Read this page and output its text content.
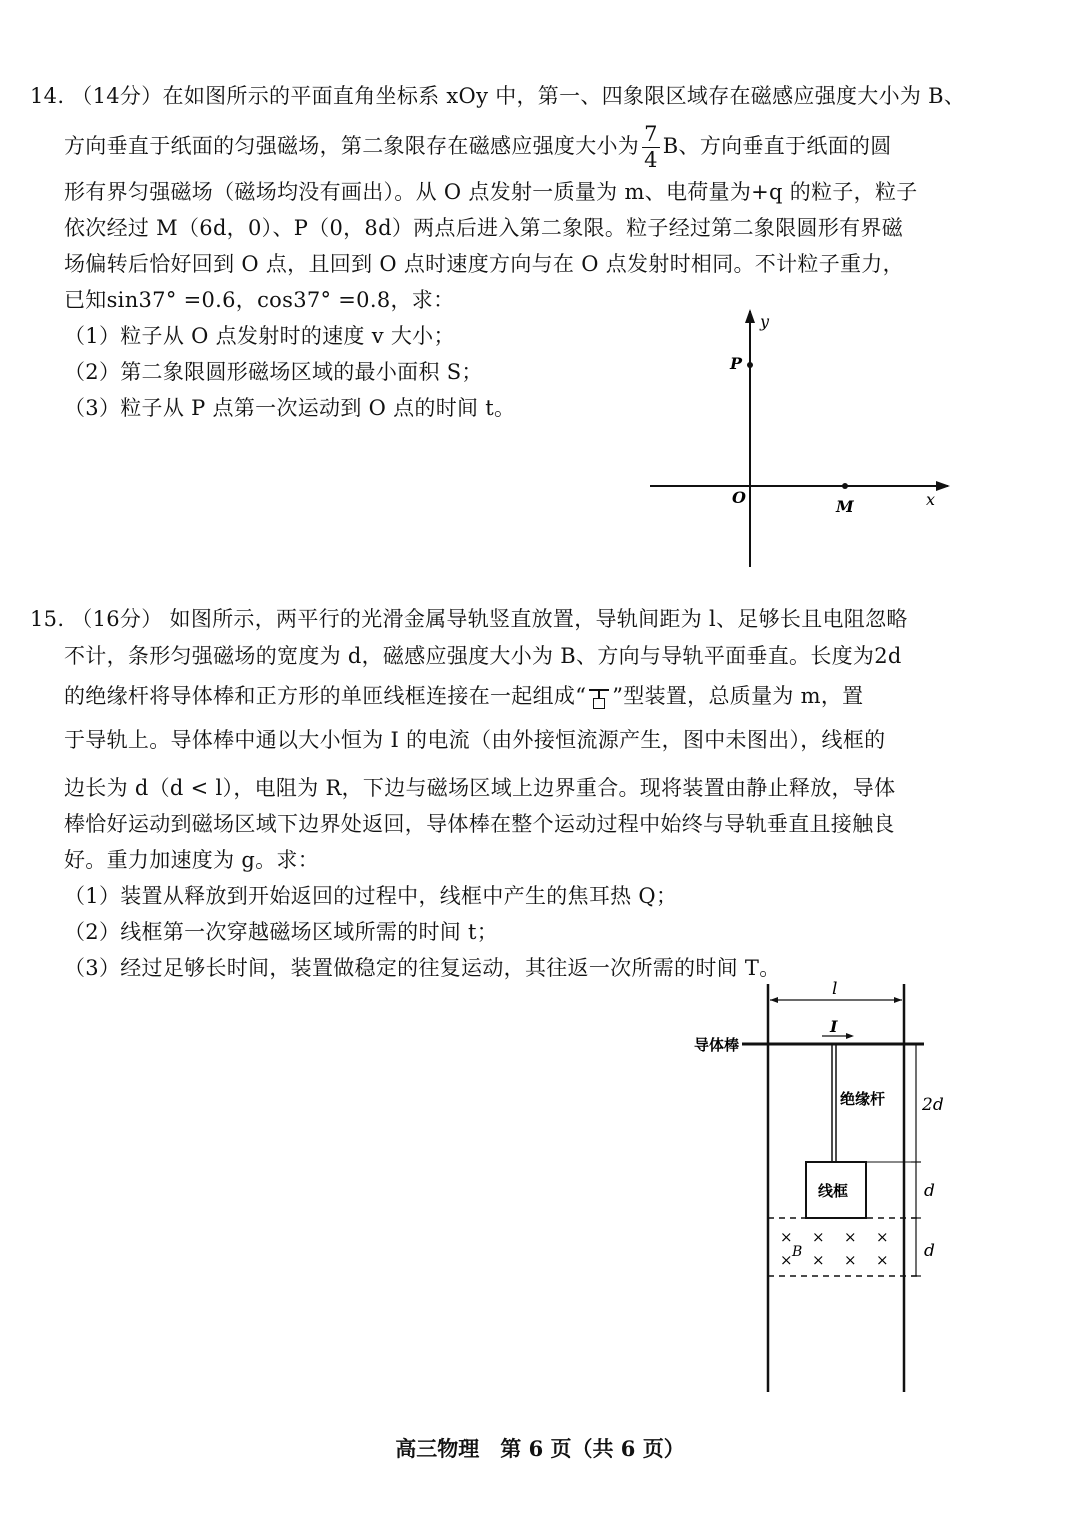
14. （14分）在如图所示的平面直角坐标系 xOy 中，第一、四象限区域存在磁感应强度大小为 B、
方向垂直于纸面的匀强磁场，第二象限存在磁感应强度大小为 $\frac{7}{4}$ B、方向垂直于纸面的圆
形有界匀强磁场（磁场均没有画出）。从 O 点发射一质量为 m、电荷量为+q 的粒子，粒子
依次经过 M（6d，0）、P（0，8d）两点后进入第二象限。粒子经过第二象限圆形有界磁
场偏转后恰好回到 O 点，且回到 O 点时速度方向与在 O 点发射时相同。不计粒子重力，
已知sin37° =0.6，cos37° =0.8，求：
（1）粒子从 O 点发射时的速度 v 大小；
（2）第二象限圆形磁场区域的最小面积 S；
（3）粒子从 P 点第一次运动到 O 点的时间 t。
y
x
O
P
M
15. （16分） 如图所示，两平行的光滑金属导轨竖直放置，导轨间距为 l、足够长且电阻忽略
不计，条形匀强磁场的宽度为 d，磁感应强度大小为 B、方向与导轨平面垂直。长度为2d
的绝缘杆将导体棒和正方形的单匝线框连接在一起组成“ ”型装置，总质量为 m，置
于导轨上。导体棒中通以大小恒为 I 的电流（由外接恒流源产生，图中未图出），线框的
边长为 d（d < l），电阻为 R，下边与磁场区域上边界重合。现将装置由静止释放，导体
棒恰好运动到磁场区域下边界处返回，导体棒在整个运动过程中始终与导轨垂直且接触良
好。重力加速度为 g。求：
（1）装置从释放到开始返回的过程中，线框中产生的焦耳热 Q；
（2）线框第一次穿越磁场区域所需的时间 t；
（3）经过足够长时间，装置做稳定的往复运动，其往返一次所需的时间 T。
l
导体棒
I
绝缘杆
线框
× × × ×
× × × ×
B
2d
d
d
高三物理　第 6 页（共 6 页）
